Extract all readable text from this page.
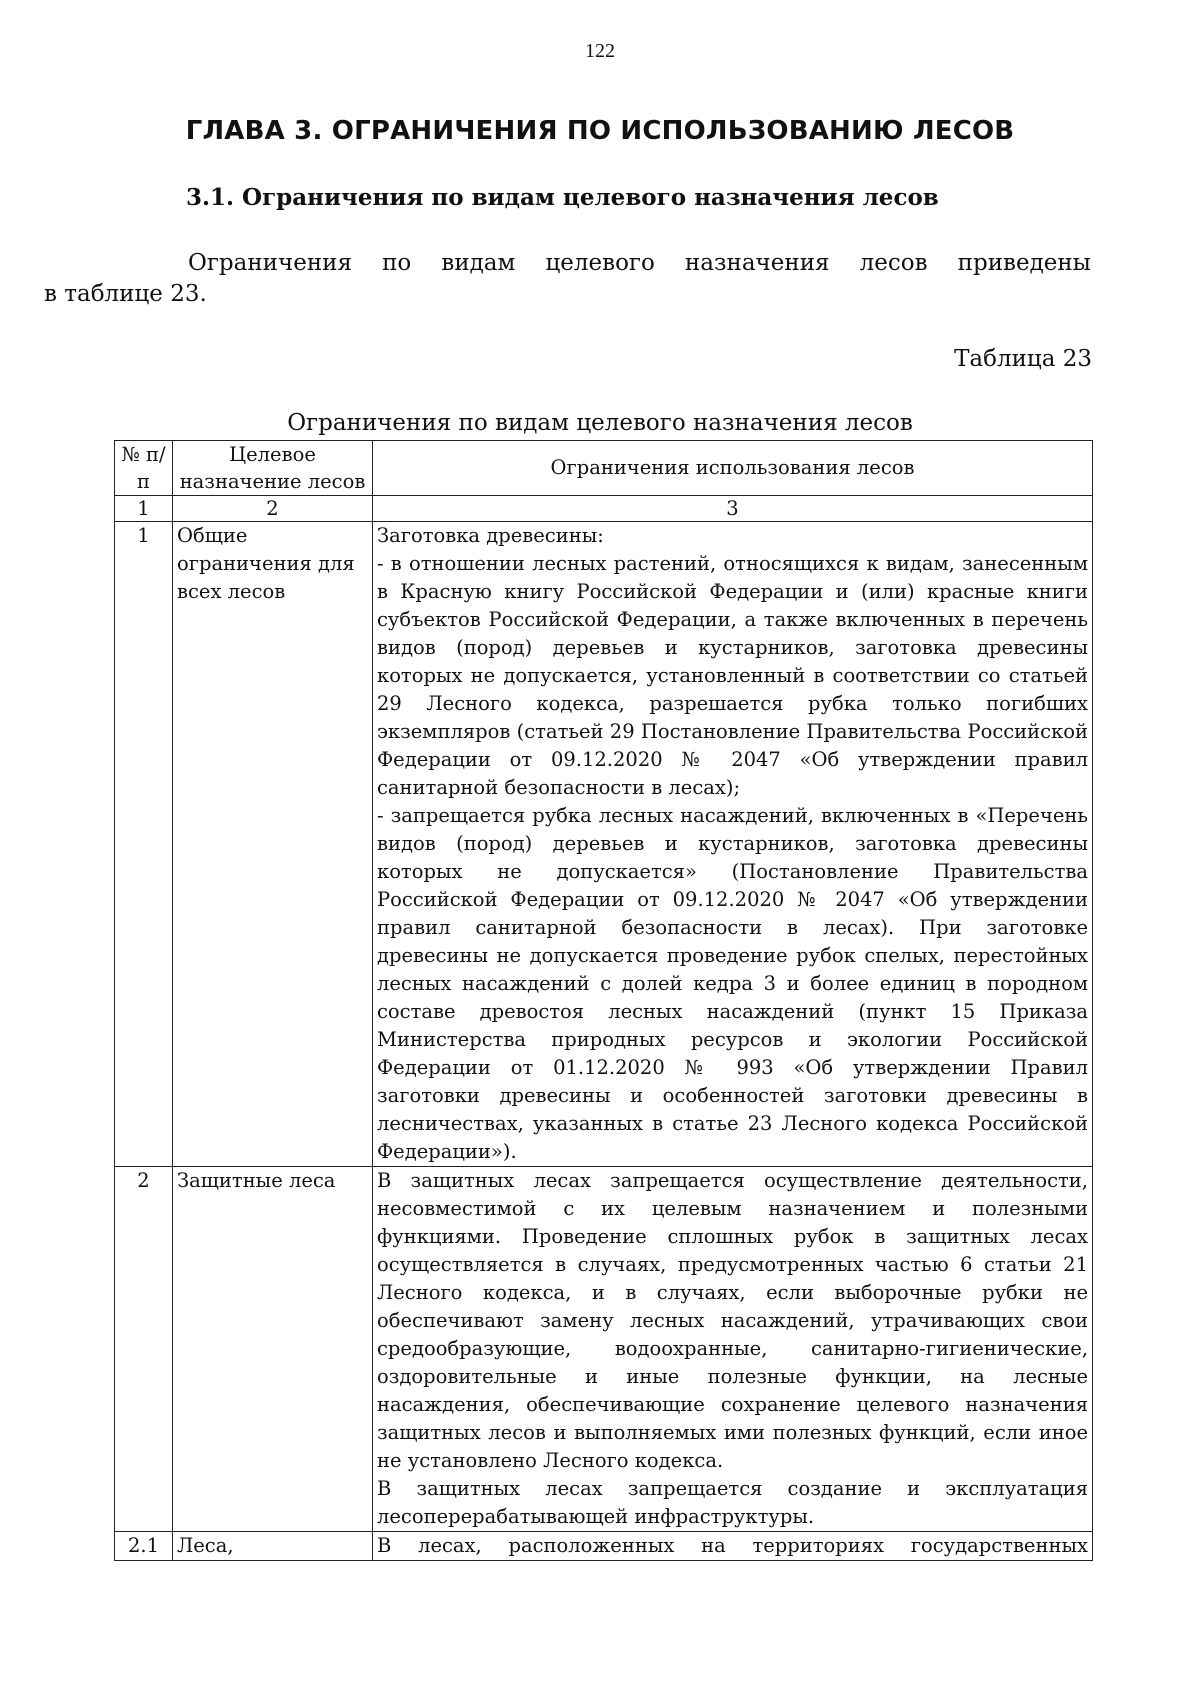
122
ГЛАВА 3. ОГРАНИЧЕНИЯ ПО ИСПОЛЬЗОВАНИЮ ЛЕСОВ
3.1. Ограничения по видам целевого назначения лесов
Ограничения по видам целевого назначения лесов приведены
в таблице 23.
Таблица 23
Ограничения по видам целевого назначения лесов
№ п/п	Целевое назначение лесов	Ограничения использования лесов
1	2	3
1	Общие ограничения для всех лесов	Заготовка древесины:

- в отношении лесных растений, относящихся к видам, занесенным в Красную книгу Российской Федерации и (или) красные книги субъектов Российской Федерации, а также включенных в перечень видов (пород) деревьев и кустарников, заготовка древесины которых не допускается, установленный в соответствии со статьей 29 Лесного кодекса, разрешается рубка только погибших экземпляров (статьей 29 Постановление Правительства Российской Федерации от 09.12.2020 № 2047 «Об утверждении правил санитарной безопасности в лесах);

- запрещается рубка лесных насаждений, включенных в «Перечень видов (пород) деревьев и кустарников, заготовка древесины которых не допускается» (Постановление Правительства Российской Федерации от 09.12.2020 № 2047 «Об утверждении правил санитарной безопасности в лесах). При заготовке древесины не допускается проведение рубок спелых, перестойных лесных насаждений с долей кедра 3 и более единиц в породном составе древостоя лесных насаждений (пункт 15 Приказа Министерства природных ресурсов и экологии Российской Федерации от 01.12.2020 № 993 «Об утверждении Правил заготовки древесины и особенностей заготовки древесины в лесничествах, указанных в статье 23 Лесного кодекса Российской Федерации»).

2	Защитные леса	В защитных лесах запрещается осуществление деятельности, несовместимой с их целевым назначением и полезными функциями. Проведение сплошных рубок в защитных лесах осуществляется в случаях, предусмотренных частью 6 статьи 21 Лесного кодекса, и в случаях, если выборочные рубки не обеспечивают замену лесных насаждений, утрачивающих свои средообразующие, водоохранные, санитарно-гигиенические, оздоровительные и иные полезные функции, на лесные насаждения, обеспечивающие сохранение целевого назначения защитных лесов и выполняемых ими полезных функций, если иное не установлено Лесного кодекса.

В защитных лесах запрещается создание и эксплуатация лесоперерабатывающей инфраструктуры.

2.1	Леса,	В лесах, расположенных на территориях государственных
